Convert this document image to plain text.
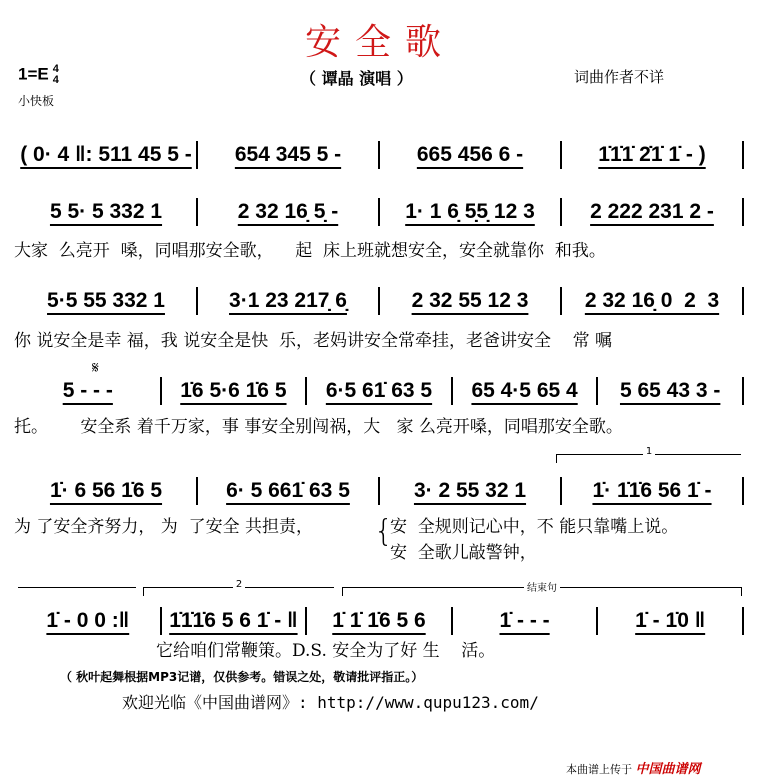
安全歌
1=E 4
4	（ 谭晶 演唱 ）	词曲作者不详
小快板
( 0· 4 ‖: 511 45 5 -	654 345 5 -	665 456 6 -	1̇1̇1̇ 2̇1̇ 1̇ - )
5 5· 5 332 1	2 32 16̣ 5̣ -	1· 1 6̣ 5̣5̣ 12 3	2 222 231 2 -
大家  么亮开  嗓，同唱那安全歌，    起  床上班就想安全，安全就靠你  和我。
5·5 55 332 1	3·1 23 217̣ 6̣	2 32 55 12 3	2 32 16̣ 0  2  3
你 说安全是幸 福，我 说安全是快  乐，老妈讲安全常牵挂，老爸讲安全    常 嘱
𝄋
5 - - -	1̇6 5·6 1̇6 5	6·5 61̇ 63 5	65 4·5 65 4	5 65 43 3 -
托。      安全系 着千万家，事 事安全别闯祸，大   家 么亮开嗓，同唱那安全歌。
1
1̇· 6 56 1̇6 5	6· 5 661̇ 63 5	3· 2 55 32 1	1̇· 1̇1̇6 56 1̇ -
为 了安全齐努力， 为  了安全 共担责， {
安  全规则记心中，不 能只靠嘴上说。
安  全歌儿敲警钟，
2	结束句
1̇ - 0 0 :‖	1̇1̇1̇6 5 6 1̇ - ‖	1̇ 1̇ 1̇6 5 6	1̇ - - -	1̇ - 1̇0 ‖
它给咱们常鞭策。D.S. 安全为了好 生    活。
（ 秋叶起舞根据MP3记谱，仅供参考。错误之处，敬请批评指正。）
欢迎光临《中国曲谱网》: http://www.qupu123.com/
本曲谱上传于 中国曲谱网
